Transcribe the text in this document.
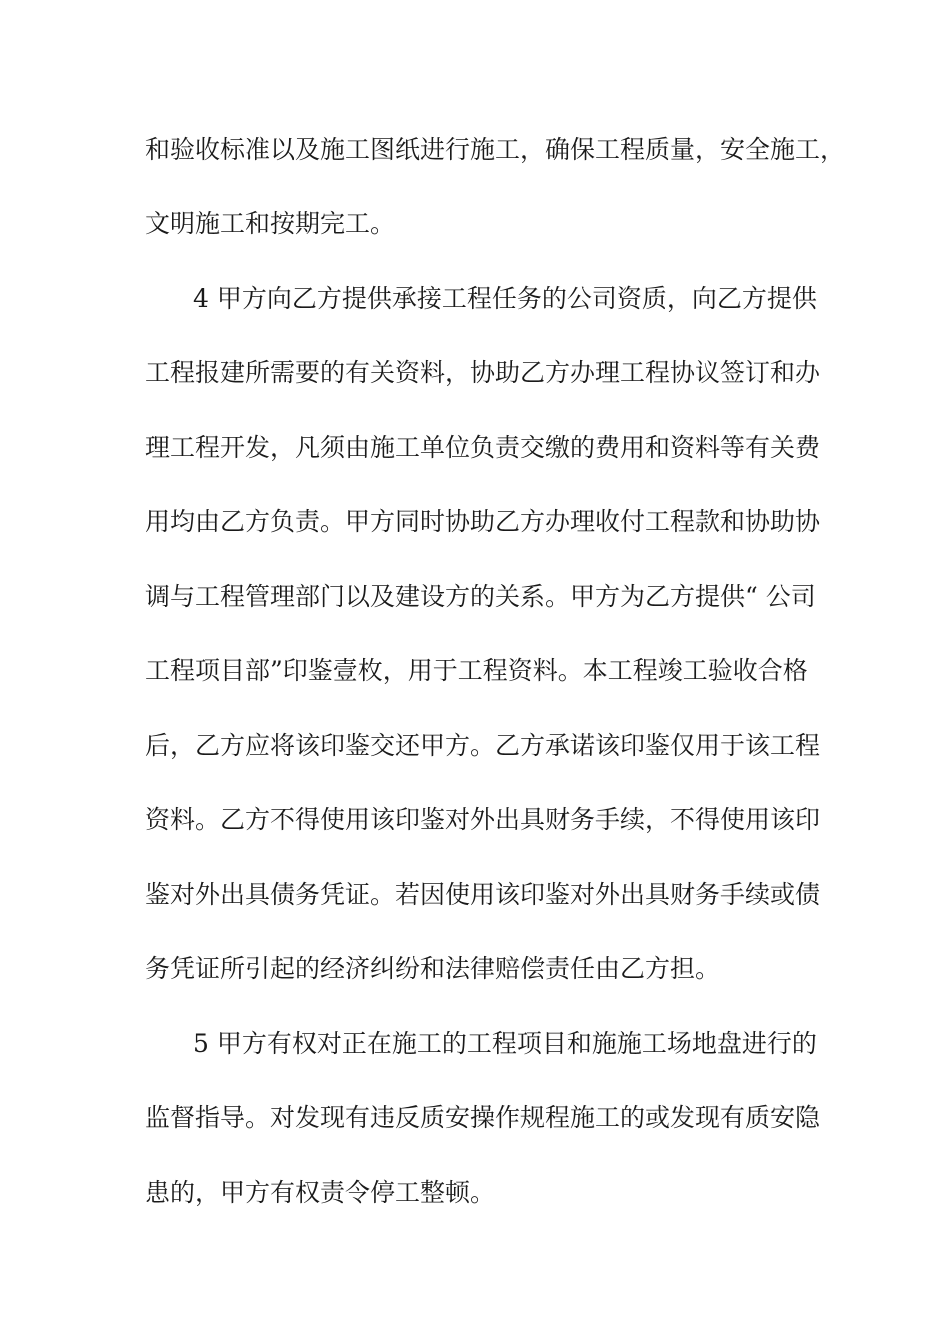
和验收标准以及施工图纸进行施工，确保工程质量，安全施工，
文明施工和按期完工。
4 甲方向乙方提供承接工程任务的公司资质，向乙方提供
工程报建所需要的有关资料，协助乙方办理工程协议签订和办
理工程开发，凡须由施工单位负责交缴的费用和资料等有关费
用均由乙方负责。甲方同时协助乙方办理收付工程款和协助协
调与工程管理部门以及建设方的关系。甲方为乙方提供“ 公司
工程项目部”印鉴壹枚，用于工程资料。本工程竣工验收合格
后，乙方应将该印鉴交还甲方。乙方承诺该印鉴仅用于该工程
资料。乙方不得使用该印鉴对外出具财务手续，不得使用该印
鉴对外出具债务凭证。若因使用该印鉴对外出具财务手续或债
务凭证所引起的经济纠纷和法律赔偿责任由乙方担。
5 甲方有权对正在施工的工程项目和施施工场地盘进行的
监督指导。对发现有违反质安操作规程施工的或发现有质安隐
患的，甲方有权责令停工整顿。
